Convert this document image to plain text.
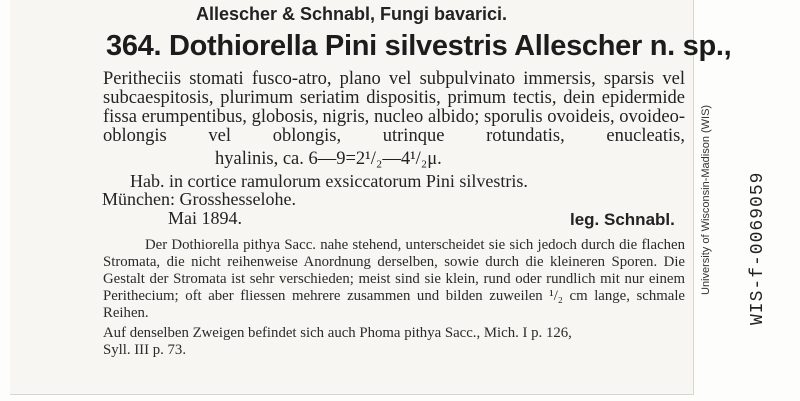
Allescher & Schnabl, Fungi bavarici.
364. Dothiorella Pini silvestris Allescher n. sp.,
Peritheciis stomati fusco-atro, plano vel subpulvinato immersis, sparsis vel subcaespitosis, plurimum seriatim dispositis, primum tectis, dein epidermide fissa erumpentibus, globosis, nigris, nucleo albido; sporulis ovoideis, ovoideo-oblongis vel oblongis, utrinque rotundatis, enucleatis,
hyalinis, ca. 6—9=2¹/₂—4¹/₂μ.
Hab. in cortice ramulorum exsiccatorum Pini silvestris.
München: Grosshesselohe.
Mai 1894.	leg. Schnabl.

Der Dothiorella pithya Sacc. nahe stehend, unterscheidet sie sich jedoch durch die flachen Stromata, die nicht reihenweise Anordnung derselben, sowie durch die kleineren Sporen. Die Gestalt der Stromata ist sehr verschieden; meist sind sie klein, rund oder rundlich mit nur einem Perithecium; oft aber fliessen mehrere zusammen und bilden zuweilen ¹/₂ cm lange, schmale Reihen.

Auf denselben Zweigen befindet sich auch Phoma pithya Sacc., Mich. I p. 126,

Syll. III p. 73.

University of Wisconsin-Madison (WIS) WIS-f-0069059
